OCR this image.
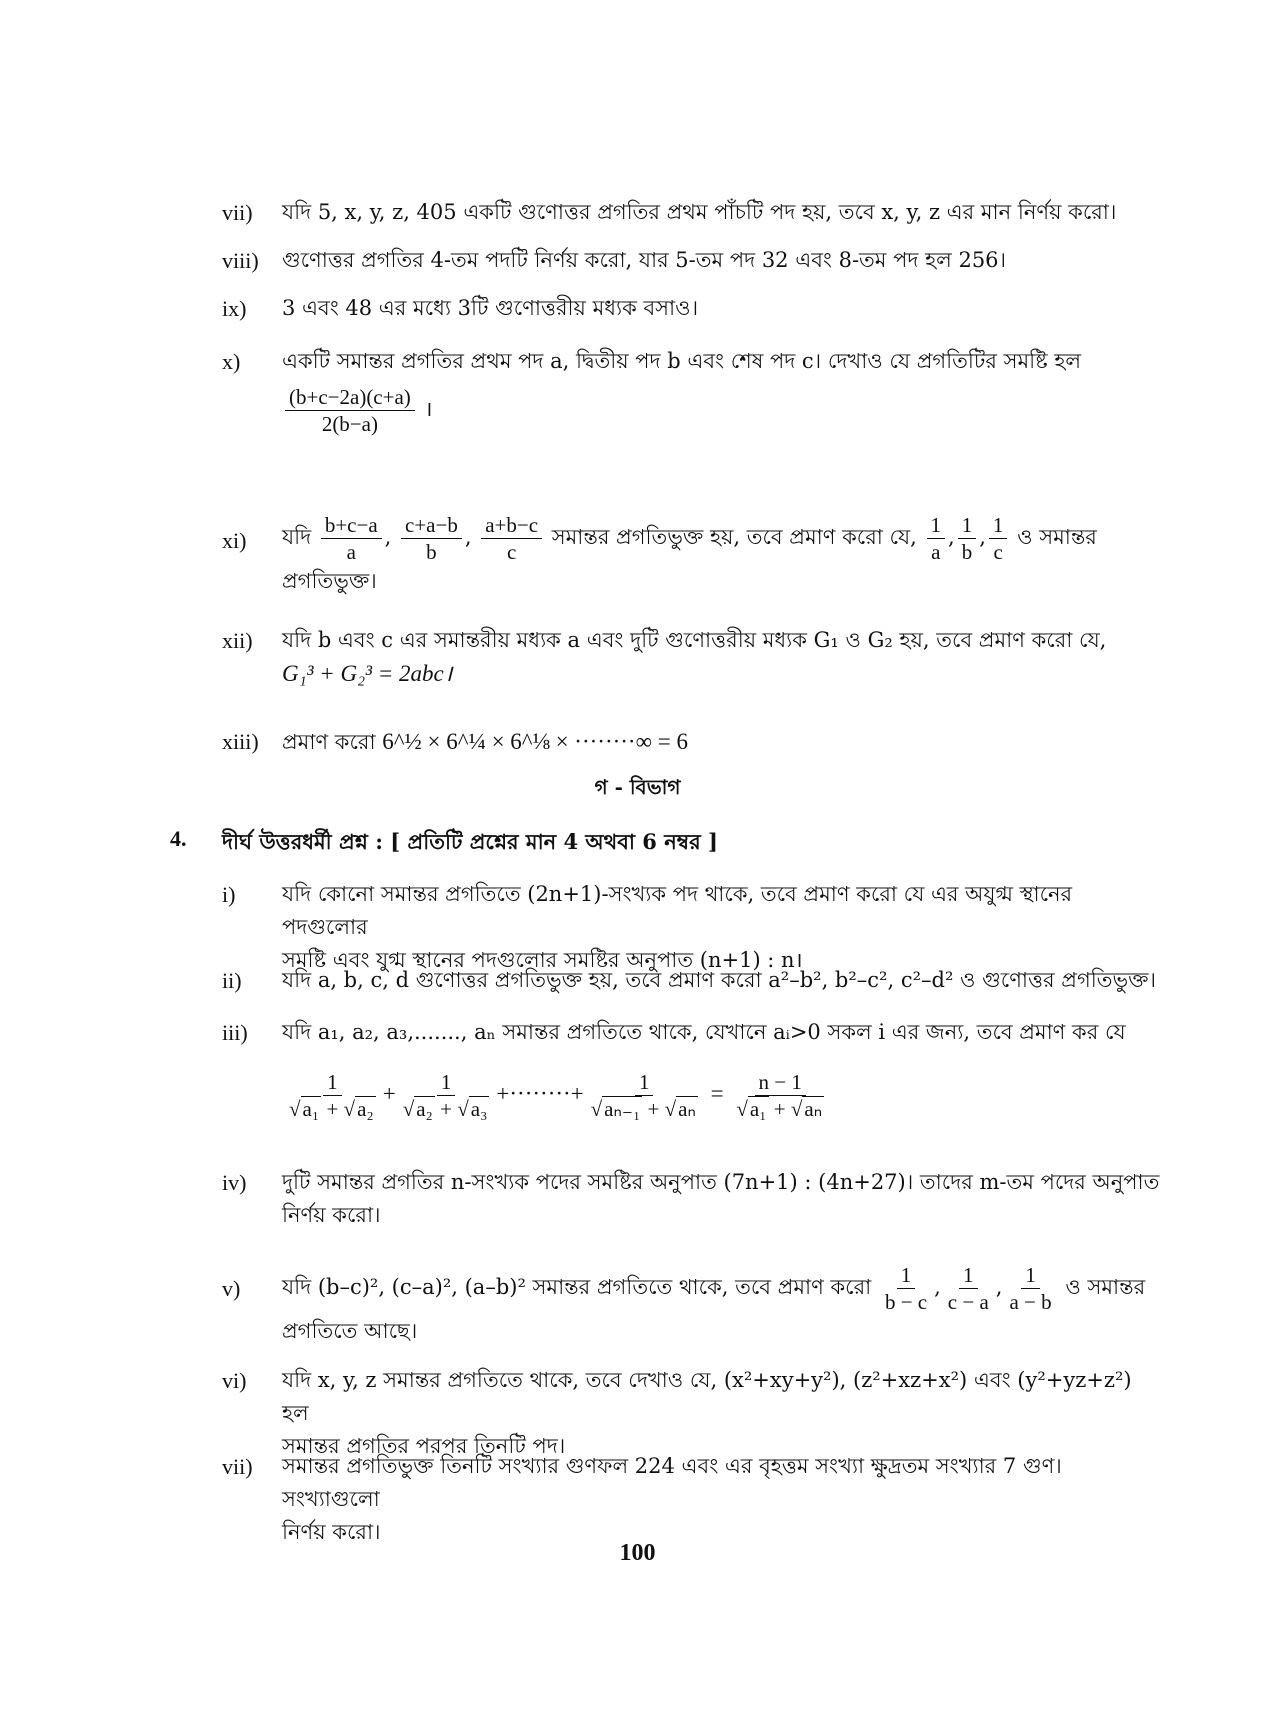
vii)	যদি 5, x, y, z, 405 একটি গুণোত্তর প্রগতির প্রথম পাঁচটি পদ হয়, তবে x, y, z এর মান নির্ণয় করো।
viii)	গুণোত্তর প্রগতির 4-তম পদটি নির্ণয় করো, যার 5-তম পদ 32 এবং 8-তম পদ হল 256।
ix)	3 এবং 48 এর মধ্যে 3টি গুণোত্তরীয় মধ্যক বসাও।
x)	একটি সমান্তর প্রগতির প্রথম পদ a, দ্বিতীয় পদ b এবং শেষ পদ c। দেখাও যে প্রগতিটির সমষ্টি হল
$\frac{(b+c-2a)(c+a)}{2(b-a)}$ ।
xi)	যদি $\frac{b+c-a}{a}$ , $\frac{c+a-b}{b}$ , $\frac{a+b-c}{c}$ সমান্তর প্রগতিভুক্ত হয়, তবে প্রমাণ করো যে, $\frac{1}{a}$ , $\frac{1}{b}$ , $\frac{1}{c}$ ও সমান্তর
প্রগতিভুক্ত।
xii)	যদি b এবং c এর সমান্তরীয় মধ্যক a এবং দুটি গুণোত্তরীয় মধ্যক G₁ ও G₂ হয়, তবে প্রমাণ করো যে,
G₁³ + G₂³ = 2abc।
xiii)	প্রমাণ করো 6^½ × 6^¼ × 6^⅛ × ········∞ = 6
গ - বিভাগ
4. দীর্ঘ উত্তরধর্মী প্রশ্ন : [ প্রতিটি প্রশ্নের মান 4 অথবা 6 নম্বর ]
i)	যদি কোনো সমান্তর প্রগতিতে (2n+1)-সংখ্যক পদ থাকে, তবে প্রমাণ করো যে এর অযুগ্ম স্থানের পদগুলোর
সমষ্টি এবং যুগ্ম স্থানের পদগুলোর সমষ্টির অনুপাত (n+1) : n।
ii)	যদি a, b, c, d গুণোত্তর প্রগতিভুক্ত হয়, তবে প্রমাণ করো a²–b², b²–c², c²–d² ও গুণোত্তর প্রগতিভুক্ত।
iii)	যদি a₁, a₂, a₃,......., aₙ সমান্তর প্রগতিতে থাকে, যেখানে aᵢ>0 সকল i এর জন্য, তবে প্রমাণ কর যে
$\frac{1}{\text{√a₁ + √a₂}} + \frac{1}{\text{√a₂ + √a₃}}$ +········+ $\frac{1}{\text{√aₙ₋₁ + √aₙ}} = \frac{n - 1}{\text{√a₁ + √aₙ}}$
iv)	দুটি সমান্তর প্রগতির n-সংখ্যক পদের সমষ্টির অনুপাত (7n+1) : (4n+27)। তাদের m-তম পদের অনুপাত
নির্ণয় করো।
v)	যদি (b–c)², (c–a)², (a–b)² সমান্তর প্রগতিতে থাকে, তবে প্রমাণ করো $\frac{1}{b - c}$ , $\frac{1}{c - a}$ , $\frac{1}{a - b}$ ও সমান্তর
প্রগতিতে আছে।
vi)	যদি x, y, z সমান্তর প্রগতিতে থাকে, তবে দেখাও যে, (x²+xy+y²), (z²+xz+x²) এবং (y²+yz+z²) হল
সমান্তর প্রগতির পরপর তিনটি পদ।
vii)	সমান্তর প্রগতিভুক্ত তিনটি সংখ্যার গুণফল 224 এবং এর বৃহত্তম সংখ্যা ক্ষুদ্রতম সংখ্যার 7 গুণ। সংখ্যাগুলো
নির্ণয় করো।
100
